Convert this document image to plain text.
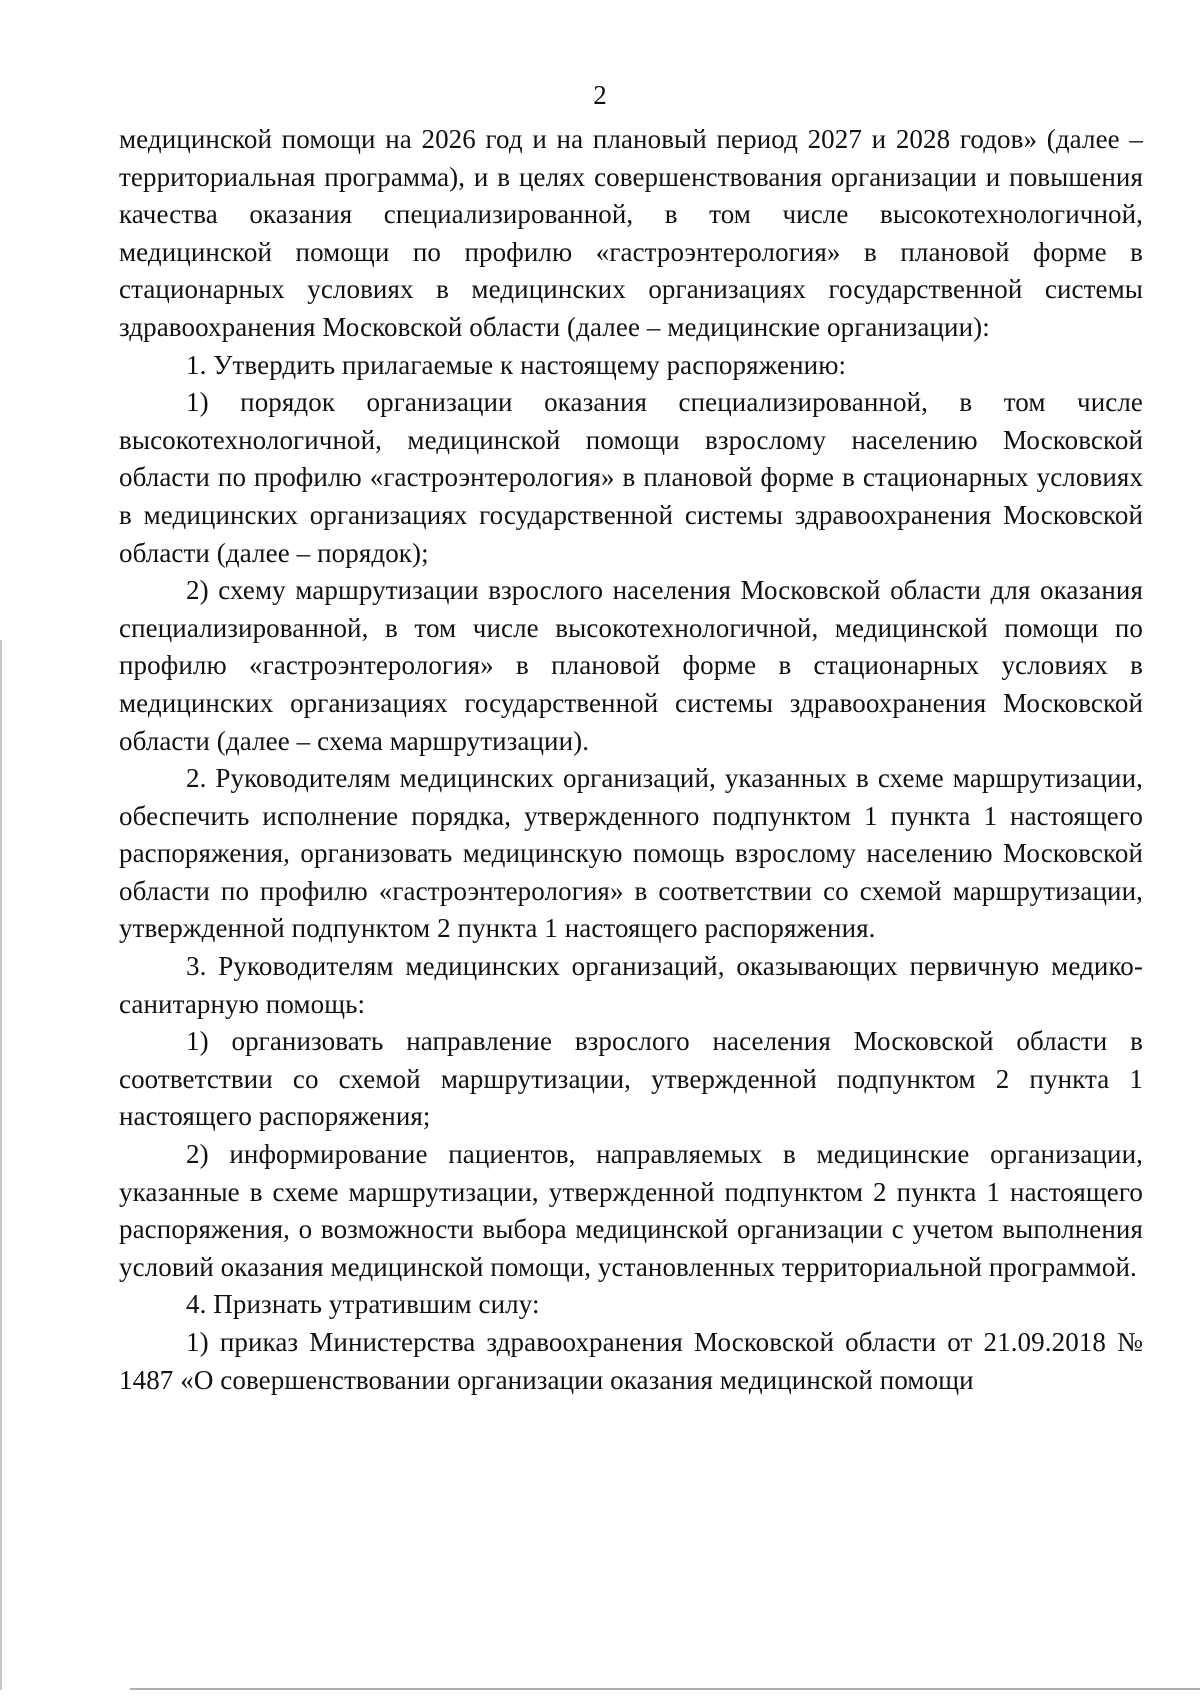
2

медицинской помощи на 2026 год и на плановый период 2027 и 2028 годов» (далее – территориальная программа), и в целях совершенствования организации и повышения качества оказания специализированной, в том числе высокотехнологичной, медицинской помощи по профилю «гастроэнтерология» в плановой форме в стационарных условиях в медицинских организациях государственной системы здравоохранения Московской области (далее – медицинские организации):

1. Утвердить прилагаемые к настоящему распоряжению:

1) порядок организации оказания специализированной, в том числе высокотехнологичной, медицинской помощи взрослому населению Московской области по профилю «гастроэнтерология» в плановой форме в стационарных условиях в медицинских организациях государственной системы здравоохранения Московской области (далее – порядок);

2) схему маршрутизации взрослого населения Московской области для оказания специализированной, в том числе высокотехнологичной, медицинской помощи по профилю «гастроэнтерология» в плановой форме в стационарных условиях в медицинских организациях государственной системы здравоохранения Московской области (далее – схема маршрутизации).

2. Руководителям медицинских организаций, указанных в схеме маршрутизации, обеспечить исполнение порядка, утвержденного подпунктом 1 пункта 1 настоящего распоряжения, организовать медицинскую помощь взрослому населению Московской области по профилю «гастроэнтерология» в соответствии со схемой маршрутизации, утвержденной подпунктом 2 пункта 1 настоящего распоряжения.

3. Руководителям медицинских организаций, оказывающих первичную медико-санитарную помощь:

1) организовать направление взрослого населения Московской области в соответствии со схемой маршрутизации, утвержденной подпунктом 2 пункта 1 настоящего распоряжения;

2) информирование пациентов, направляемых в медицинские организации, указанные в схеме маршрутизации, утвержденной подпунктом 2 пункта 1 настоящего распоряжения, о возможности выбора медицинской организации с учетом выполнения условий оказания медицинской помощи, установленных территориальной программой.

4. Признать утратившим силу:

1) приказ Министерства здравоохранения Московской области от 21.09.2018 № 1487 «О совершенствовании организации оказания медицинской помощи
